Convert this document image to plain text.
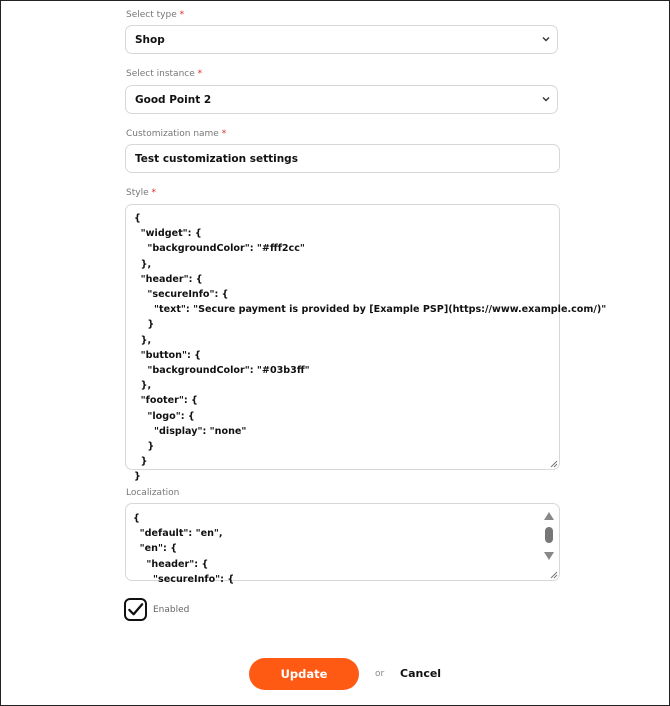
Select type *
Shop
Select instance *
Good Point 2
Customization name *
Test customization settings
Style *
{
"widget": {
"backgroundColor": "#fff2cc"
},
"header": {
"secureInfo": {
"text": "Secure payment is provided by [Example PSP](https://www.example.com/)"
}
},
"button": {
"backgroundColor": "#03b3ff"
},
"footer": {
"logo": {
"display": "none"
}
}
}
Localization
{
"default": "en",
"en": {
"header": {
"secureInfo": {
Enabled
Update	or Cancel
